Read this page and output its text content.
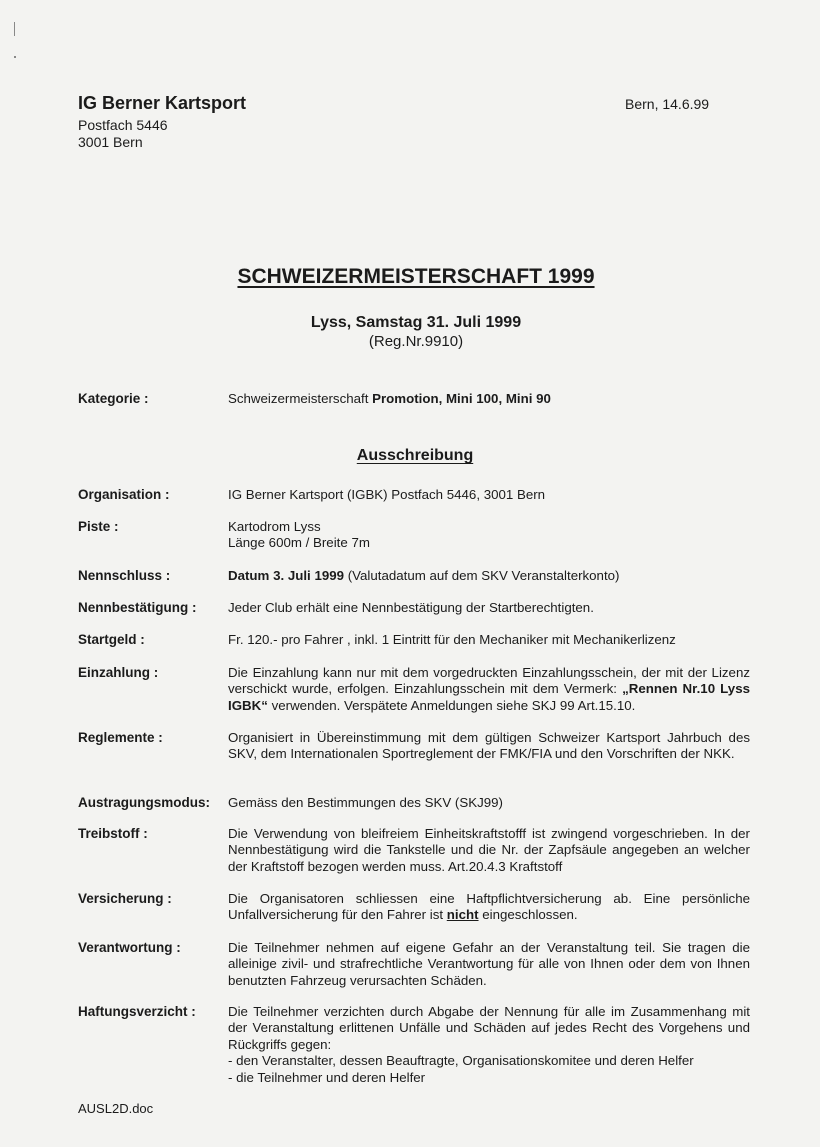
IG Berner Kartsport
Postfach 5446
3001 Bern
Bern, 14.6.99
SCHWEIZERMEISTERSCHAFT 1999
Lyss, Samstag 31. Juli 1999
(Reg.Nr.9910)
Kategorie :	Schweizermeisterschaft Promotion, Mini 100, Mini 90
Ausschreibung
Organisation :	IG Berner Kartsport (IGBK) Postfach 5446, 3001 Bern
Piste :	Kartodrom Lyss
Länge 600m / Breite 7m
Nennschluss :	Datum 3. Juli 1999 (Valutadatum auf dem SKV Veranstalterkonto)
Nennbestätigung : Jeder Club erhält eine Nennbestätigung der Startberechtigten.
Startgeld :	Fr. 120.- pro Fahrer , inkl. 1 Eintritt für den Mechaniker mit Mechanikerlizenz
Einzahlung :	Die Einzahlung kann nur mit dem vorgedruckten Einzahlungsschein, der mit der Lizenz verschickt wurde, erfolgen. Einzahlungsschein mit dem Vermerk: „Rennen Nr.10 Lyss IGBK“ verwenden. Verspätete Anmeldungen siehe SKJ 99 Art.15.10.
Reglemente :	Organisiert in Übereinstimmung mit dem gültigen Schweizer Kartsport Jahrbuch des SKV, dem Internationalen Sportreglement der FMK/FIA und den Vorschriften der NKK.
Austragungsmodus: Gemäss den Bestimmungen des SKV (SKJ99)
Treibstoff :	Die Verwendung von bleifreiem Einheitskraftstofff ist zwingend vorgeschrieben. In der Nennbestätigung wird die Tankstelle und die Nr. der Zapfsäule angegeben an welcher der Kraftstoff bezogen werden muss. Art.20.4.3 Kraftstoff
Versicherung :	Die Organisatoren schliessen eine Haftpflichtversicherung ab. Eine persönliche Unfallversicherung für den Fahrer ist nicht eingeschlossen.
Verantwortung :	Die Teilnehmer nehmen auf eigene Gefahr an der Veranstaltung teil. Sie tragen die alleinige zivil- und strafrechtliche Verantwortung für alle von Ihnen oder dem von Ihnen benutzten Fahrzeug verursachten Schäden.
Haftungsverzicht : Die Teilnehmer verzichten durch Abgabe der Nennung für alle im Zusammenhang mit der Veranstaltung erlittenen Unfälle und Schäden auf jedes Recht des Vorgehens und Rückgriffs gegen:
- den Veranstalter, dessen Beauftragte, Organisationskomitee und deren Helfer
- die Teilnehmer und deren Helfer
AUSL2D.doc
